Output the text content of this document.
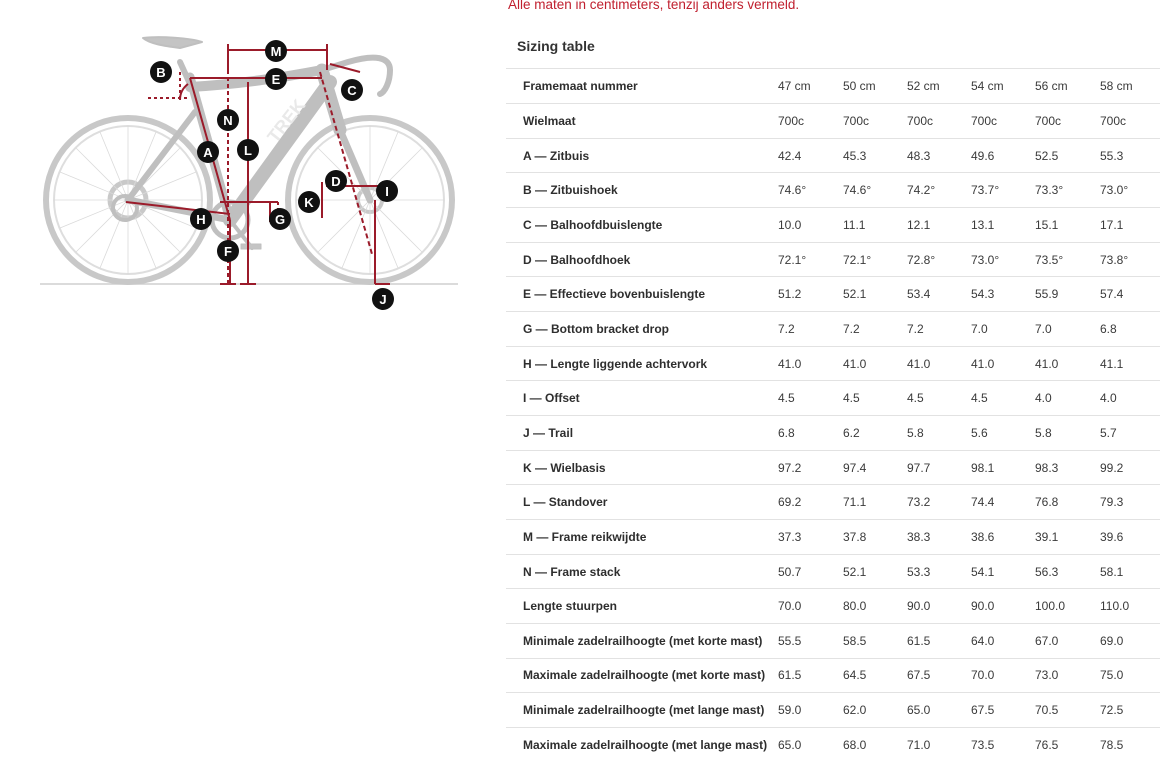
Alle maten in centimeters, tenzij anders vermeld.
TREK
M
B	E
C
N
A L
D
I
K
H	G
F
J
Sizing table
Framemaat nummer	47 cm	50 cm	52 cm	54 cm	56 cm	58 cm
Wielmaat	700c	700c	700c	700c	700c	700c
A — Zitbuis	42.4	45.3	48.3	49.6	52.5	55.3
B — Zitbuishoek	74.6°	74.6°	74.2°	73.7°	73.3°	73.0°
C — Balhoofdbuislengte	10.0	11.1	12.1	13.1	15.1	17.1
D — Balhoofdhoek	72.1°	72.1°	72.8°	73.0°	73.5°	73.8°
E — Effectieve bovenbuislengte	51.2	52.1	53.4	54.3	55.9	57.4
G — Bottom bracket drop	7.2	7.2	7.2	7.0	7.0	6.8
H — Lengte liggende achtervork	41.0	41.0	41.0	41.0	41.0	41.1
I — Offset	4.5	4.5	4.5	4.5	4.0	4.0
J — Trail	6.8	6.2	5.8	5.6	5.8	5.7
K — Wielbasis	97.2	97.4	97.7	98.1	98.3	99.2
L — Standover	69.2	71.1	73.2	74.4	76.8	79.3
M — Frame reikwijdte	37.3	37.8	38.3	38.6	39.1	39.6
N — Frame stack	50.7	52.1	53.3	54.1	56.3	58.1
Lengte stuurpen	70.0	80.0	90.0	90.0	100.0	110.0
Minimale zadelrailhoogte (met korte mast)	55.5	58.5	61.5	64.0	67.0	69.0
Maximale zadelrailhoogte (met korte mast)	61.5	64.5	67.5	70.0	73.0	75.0
Minimale zadelrailhoogte (met lange mast)	59.0	62.0	65.0	67.5	70.5	72.5
Maximale zadelrailhoogte (met lange mast)	65.0	68.0	71.0	73.5	76.5	78.5
